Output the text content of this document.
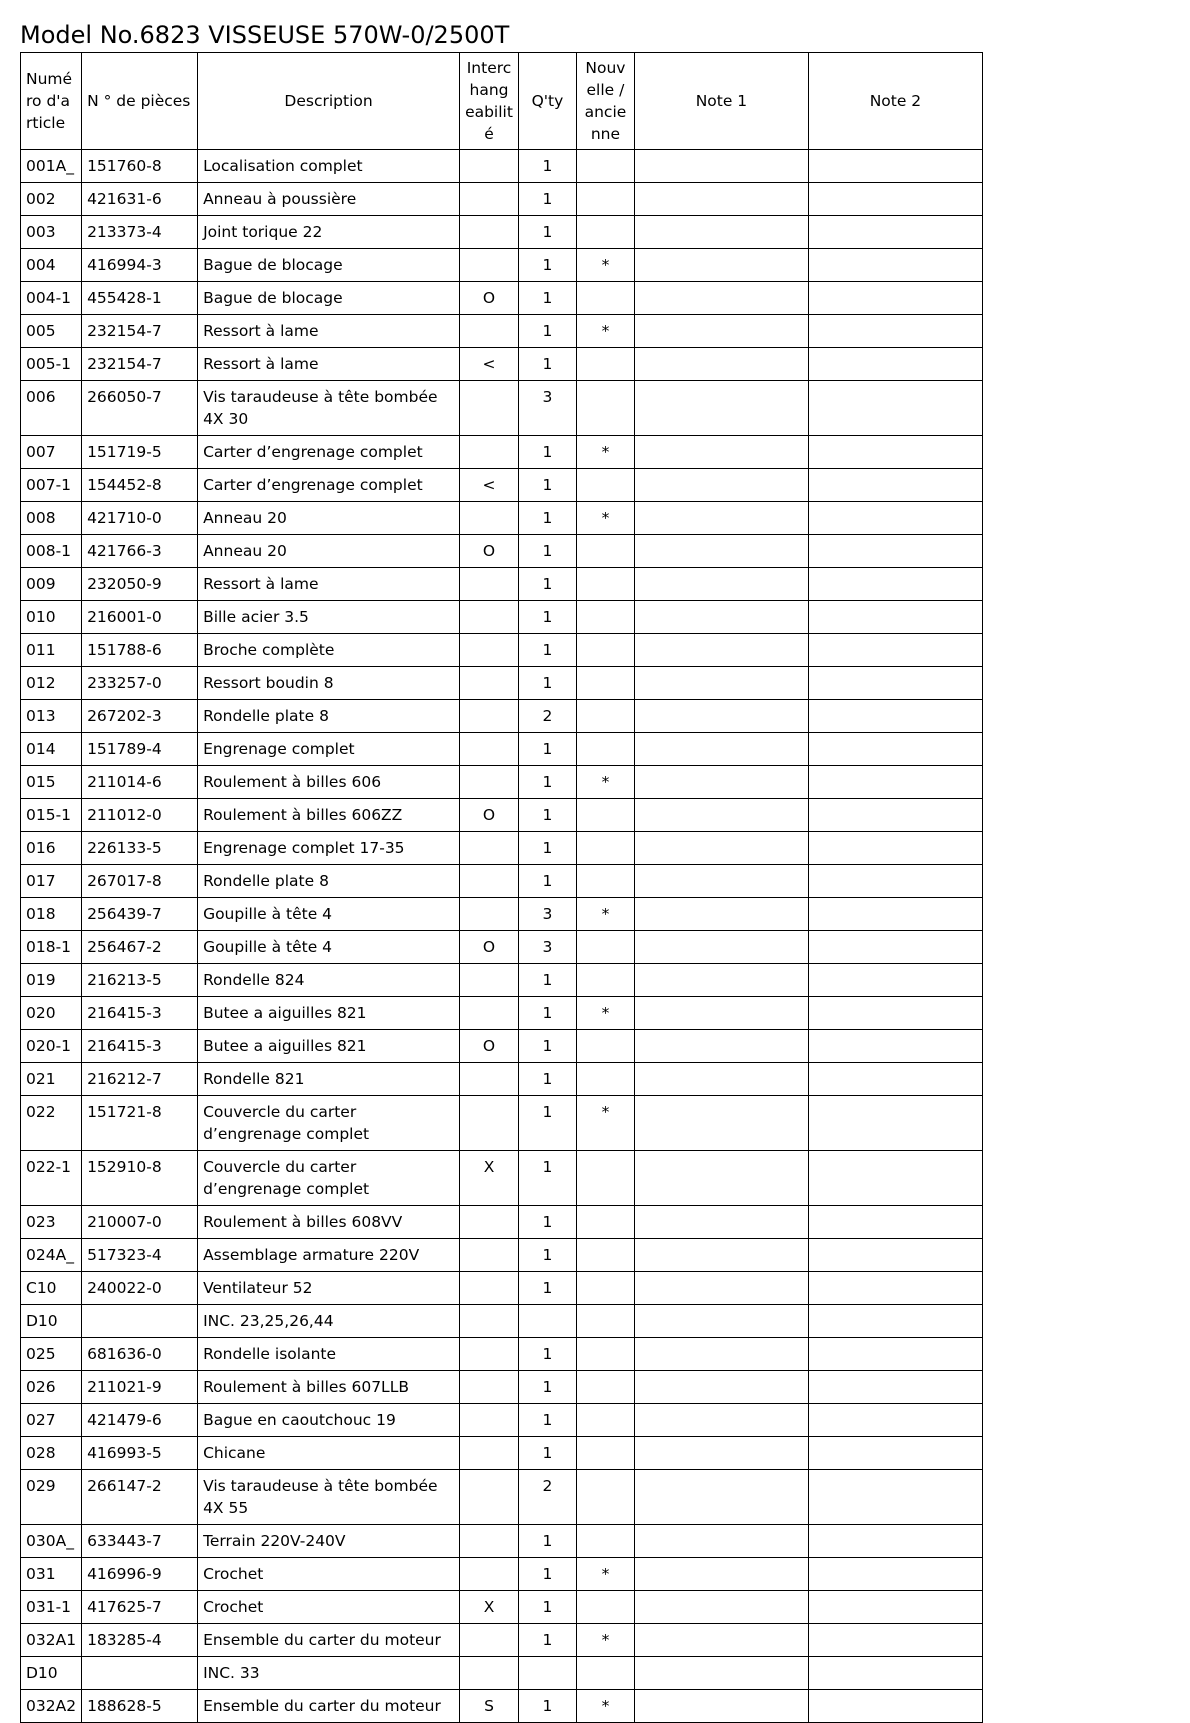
Model No.6823 VISSEUSE 570W-0/2500T
Numé ro d'a rticle	N ° de pièces	Description	Interc hang eabilit é	Q'ty	Nouv elle / ancie nne	Note 1	Note 2
001A_	151760-8	Localisation complet		1			
002	421631-6	Anneau à poussière		1			
003	213373-4	Joint torique 22		1			
004	416994-3	Bague de blocage		1	*		
004-1	455428-1	Bague de blocage	O	1			
005	232154-7	Ressort à lame		1	*		
005-1	232154-7	Ressort à lame	<	1			
006	266050-7	Vis taraudeuse à tête bombée 4X 30		3			
007	151719-5	Carter d’engrenage complet		1	*		
007-1	154452-8	Carter d’engrenage complet	<	1			
008	421710-0	Anneau 20		1	*		
008-1	421766-3	Anneau 20	O	1			
009	232050-9	Ressort à lame		1			
010	216001-0	Bille acier 3.5		1			
011	151788-6	Broche complète		1			
012	233257-0	Ressort boudin 8		1			
013	267202-3	Rondelle plate 8		2			
014	151789-4	Engrenage complet		1			
015	211014-6	Roulement à billes 606		1	*		
015-1	211012-0	Roulement à billes 606ZZ	O	1			
016	226133-5	Engrenage complet 17-35		1			
017	267017-8	Rondelle plate 8		1			
018	256439-7	Goupille à tête 4		3	*		
018-1	256467-2	Goupille à tête 4	O	3			
019	216213-5	Rondelle 824		1			
020	216415-3	Butee a aiguilles 821		1	*		
020-1	216415-3	Butee a aiguilles 821	O	1			
021	216212-7	Rondelle 821		1			
022	151721-8	Couvercle du carter d’engrenage complet		1	*		
022-1	152910-8	Couvercle du carter d’engrenage complet	X	1			
023	210007-0	Roulement à billes 608VV		1			
024A_	517323-4	Assemblage armature 220V		1			
C10	240022-0	Ventilateur 52		1			
D10		INC. 23,25,26,44					
025	681636-0	Rondelle isolante		1			
026	211021-9	Roulement à billes 607LLB		1			
027	421479-6	Bague en caoutchouc 19		1			
028	416993-5	Chicane		1			
029	266147-2	Vis taraudeuse à tête bombée 4X 55		2			
030A_	633443-7	Terrain 220V-240V		1			
031	416996-9	Crochet		1	*		
031-1	417625-7	Crochet	X	1			
032A1	183285-4	Ensemble du carter du moteur		1	*		
D10		INC. 33					
032A2	188628-5	Ensemble du carter du moteur	S	1	*		
